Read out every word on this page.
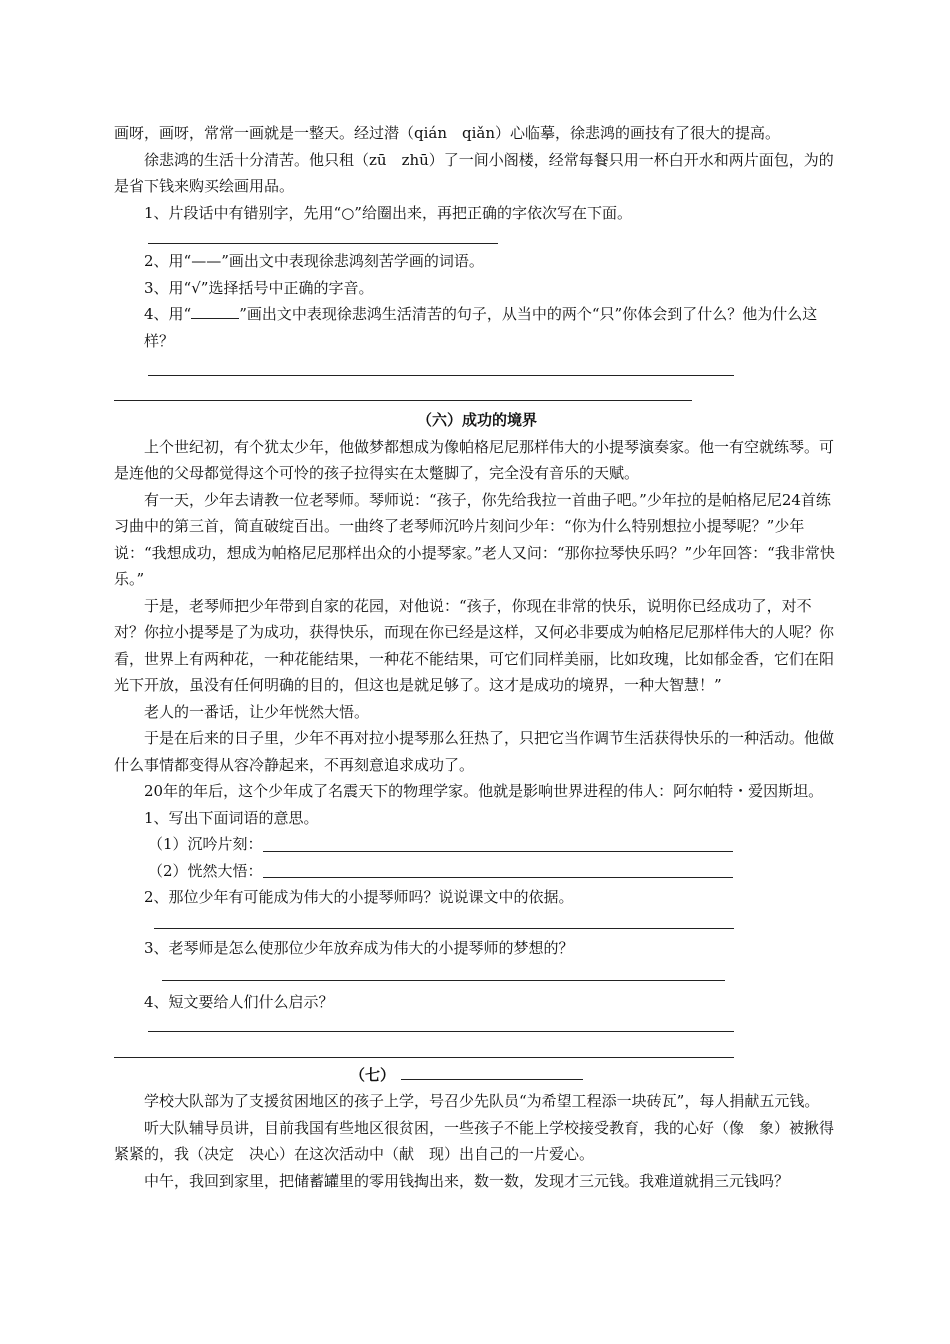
画呀，画呀，常常一画就是一整天。经过潜（qián　qiǎn）心临摹，徐悲鸿的画技有了很大的提高。

徐悲鸿的生活十分清苦。他只租（zū　zhū）了一间小阁楼，经常每餐只用一杯白开水和两片面包，为的是省下钱来购买绘画用品。

1、片段话中有错别字，先用“○”给圈出来，再把正确的字依次写在下面。

2、用“——”画出文中表现徐悲鸿刻苦学画的词语。

3、用“√”选择括号中正确的字音。

4、用“	”画出文中表现徐悲鸿生活清苦的句子，从当中的两个“只”你体会到了什么？他为什么这样？

（六）成功的境界

上个世纪初，有个犹太少年，他做梦都想成为像帕格尼尼那样伟大的小提琴演奏家。他一有空就练琴。可是连他的父母都觉得这个可怜的孩子拉得实在太蹩脚了，完全没有音乐的天赋。

有一天，少年去请教一位老琴师。琴师说：“孩子，你先给我拉一首曲子吧。”少年拉的是帕格尼尼24首练习曲中的第三首，简直破绽百出。一曲终了老琴师沉吟片刻问少年：“你为什么特别想拉小提琴呢？”少年说：“我想成功，想成为帕格尼尼那样出众的小提琴家。”老人又问：“那你拉琴快乐吗？”少年回答：“我非常快乐。”

于是，老琴师把少年带到自家的花园，对他说：“孩子，你现在非常的快乐，说明你已经成功了，对不对？你拉小提琴是了为成功，获得快乐，而现在你已经是这样，又何必非要成为帕格尼尼那样伟大的人呢？你看，世界上有两种花，一种花能结果，一种花不能结果，可它们同样美丽，比如玫瑰，比如郁金香，它们在阳光下开放，虽没有任何明确的目的，但这也是就足够了。这才是成功的境界，一种大智慧！”

老人的一番话，让少年恍然大悟。

于是在后来的日子里，少年不再对拉小提琴那么狂热了，只把它当作调节生活获得快乐的一种活动。他做什么事情都变得从容冷静起来，不再刻意追求成功了。

20年的年后，这个少年成了名震天下的物理学家。他就是影响世界进程的伟人：阿尔帕特・爱因斯坦。

1、写出下面词语的意思。

（1）沉吟片刻：
（2）恍然大悟：

2、那位少年有可能成为伟大的小提琴师吗？说说课文中的依据。

3、老琴师是怎么使那位少年放弃成为伟大的小提琴师的梦想的？

4、短文要给人们什么启示？

（七）

学校大队部为了支援贫困地区的孩子上学，号召少先队员“为希望工程添一块砖瓦”，每人捐献五元钱。

听大队辅导员讲，目前我国有些地区很贫困，一些孩子不能上学校接受教育，我的心好（像　象）被揪得紧紧的，我（决定　决心）在这次活动中（献　现）出自己的一片爱心。

中午，我回到家里，把储蓄罐里的零用钱掏出来，数一数，发现才三元钱。我难道就捐三元钱吗？
